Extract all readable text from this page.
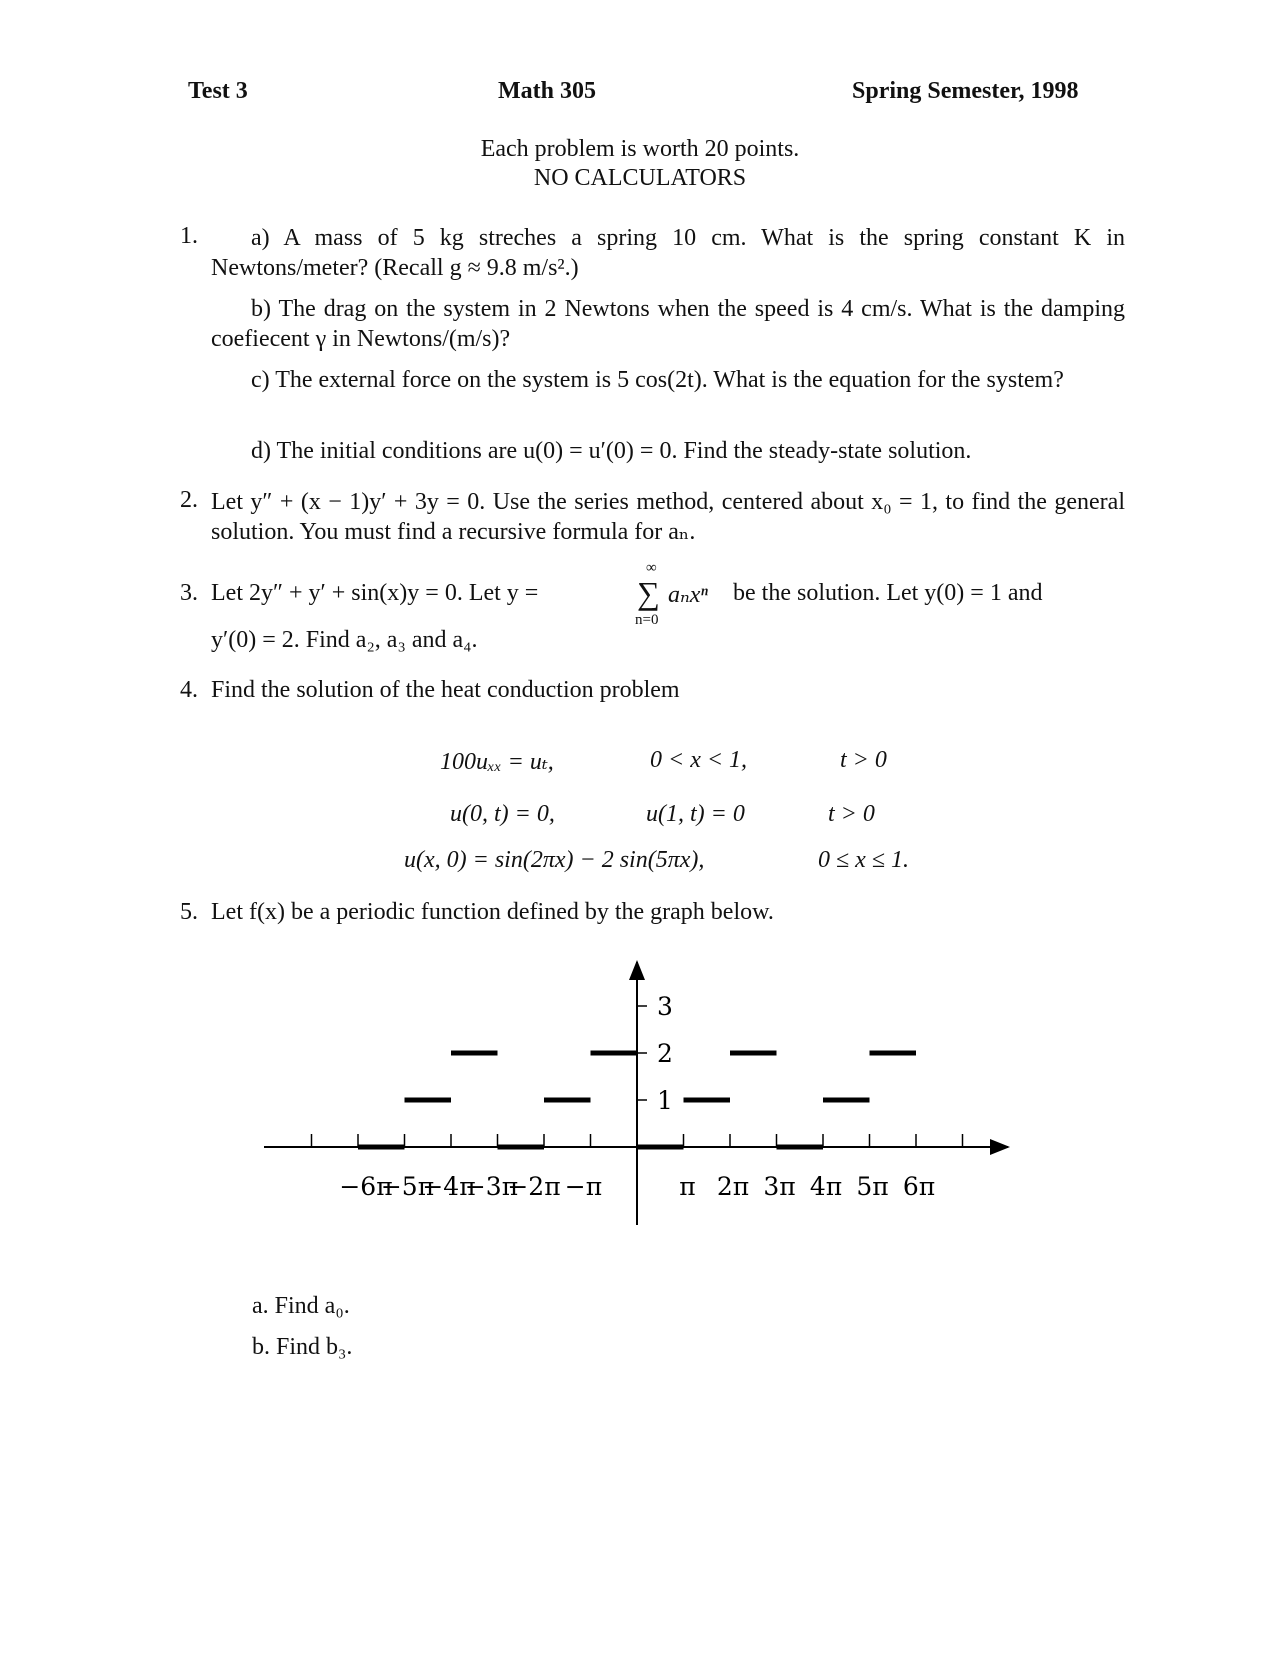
Test 3	Math 305	Spring Semester, 1998
Each problem is worth 20 points.
NO CALCULATORS
1.	a) A mass of 5 kg streches a spring 10 cm. What is the spring constant K in Newtons/meter? (Recall g ≈ 9.8 m/s².)
b) The drag on the system in 2 Newtons when the speed is 4 cm/s. What is the damping coefiecent γ in Newtons/(m/s)?
c) The external force on the system is 5 cos(2t). What is the equation for the system?
d) The initial conditions are u(0) = u′(0) = 0. Find the steady-state solution.
2. Let y″ + (x − 1)y′ + 3y = 0. Use the series method, centered about x₀ = 1, to find the general solution. You must find a recursive formula for aₙ.
3. Let 2y″ + y′ + sin(x)y = 0. Let y =
∞
∑
n=0
aₙxⁿ be the solution. Let y(0) = 1 and
y′(0) = 2. Find a₂, a₃ and a₄.
4. Find the solution of the heat conduction problem
100uₓₓ = uₜ,	0 < x < 1,	t > 0
u(0, t) = 0,	u(1, t) = 0	t > 0
u(x, 0) = sin(2πx) − 2 sin(5πx),	0 ≤ x ≤ 1.
5. Let f(x) be a periodic function defined by the graph below.
−6π
−5π
−4π
−3π
−2π −π	π 2π 3π 4π 5π 6π
1
2
3
a. Find a₀.
b. Find b₃.
